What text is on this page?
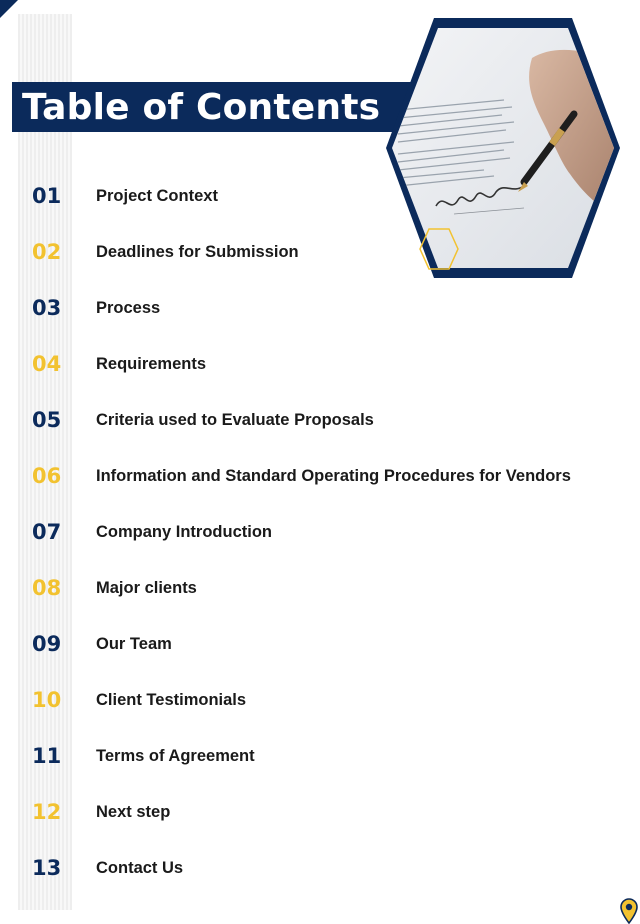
Table of Contents
01 Project Context
02 Deadlines for Submission
03 Process
04 Requirements
05 Criteria used to Evaluate Proposals
06 Information and Standard Operating Procedures for Vendors
07 Company Introduction
08 Major clients
09 Our Team
10 Client Testimonials
11 Terms of Agreement
12 Next step
13 Contact Us
